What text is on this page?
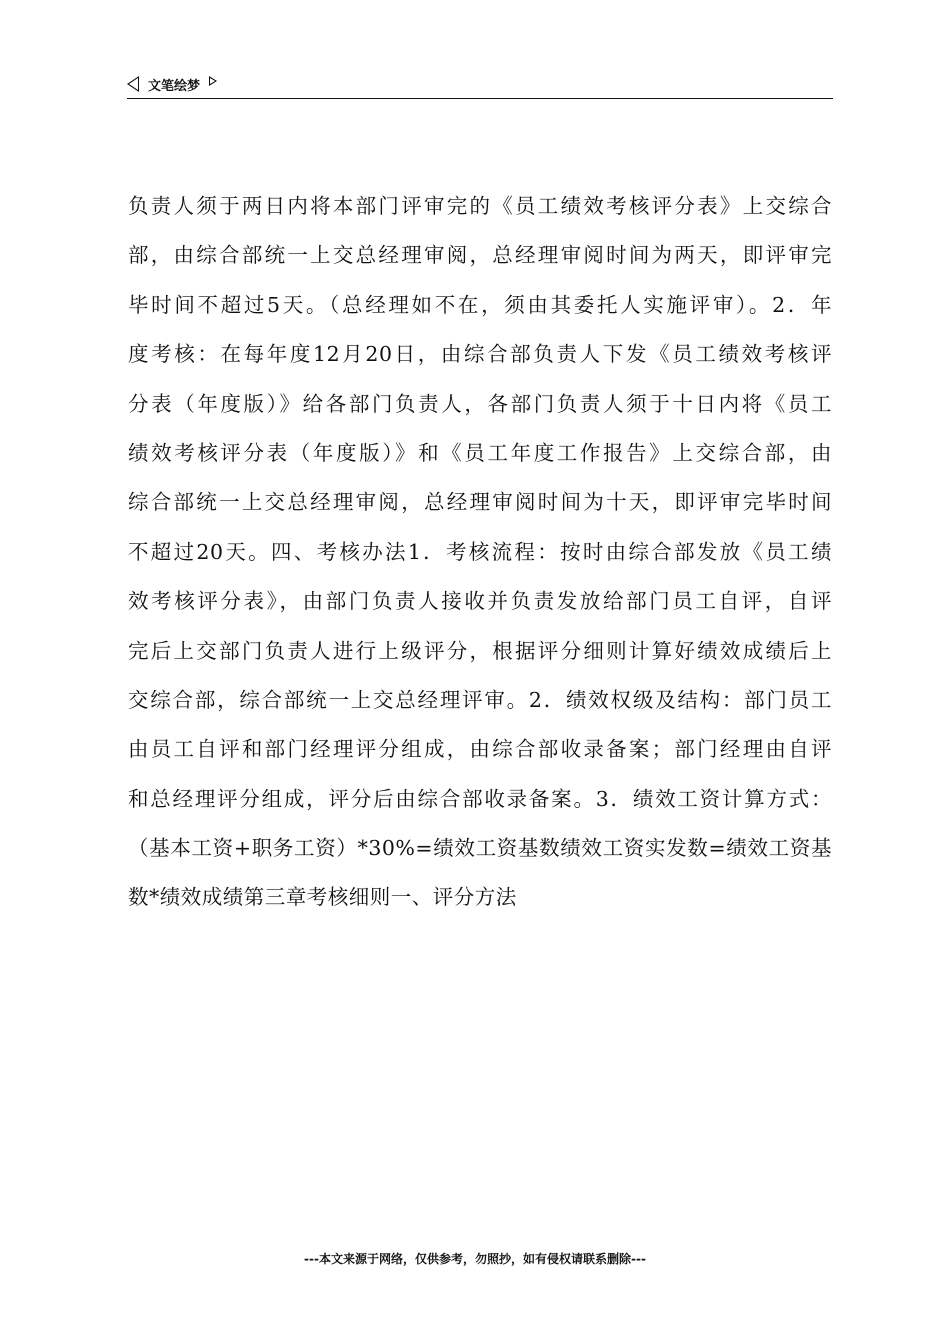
文笔绘梦
负责人须于两日内将本部门评审完的《员工绩效考核评分表》上交综合
部，由综合部统一上交总经理审阅，总经理审阅时间为两天，即评审完
毕时间不超过5天。（总经理如不在，须由其委托人实施评审）。2．年
度考核：在每年度12月20日，由综合部负责人下发《员工绩效考核评
分表（年度版）》给各部门负责人，各部门负责人须于十日内将《员工
绩效考核评分表（年度版）》和《员工年度工作报告》上交综合部，由
综合部统一上交总经理审阅，总经理审阅时间为十天，即评审完毕时间
不超过20天。四、考核办法1．考核流程：按时由综合部发放《员工绩
效考核评分表》，由部门负责人接收并负责发放给部门员工自评，自评
完后上交部门负责人进行上级评分，根据评分细则计算好绩效成绩后上
交综合部，综合部统一上交总经理评审。2．绩效权级及结构：部门员工
由员工自评和部门经理评分组成，由综合部收录备案；部门经理由自评
和总经理评分组成，评分后由综合部收录备案。3．绩效工资计算方式：
（基本工资+职务工资）*30%=绩效工资基数绩效工资实发数=绩效工资基
数*绩效成绩第三章考核细则一、评分方法
---本文来源于网络，仅供参考，勿照抄，如有侵权请联系删除---
